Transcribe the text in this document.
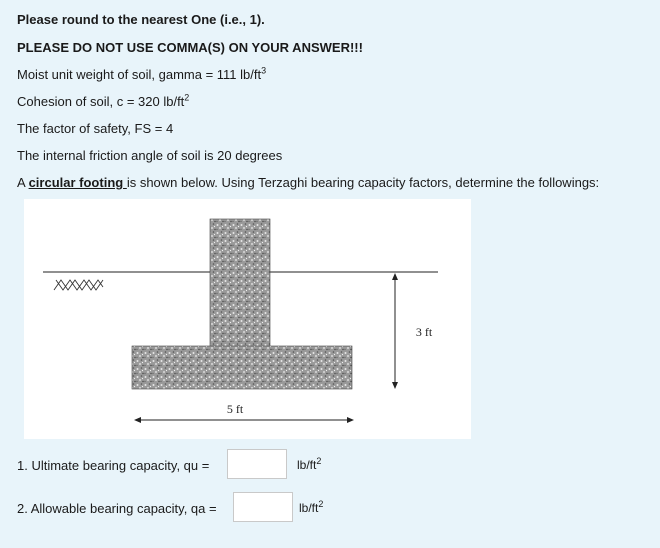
Please round to the nearest One (i.e., 1).
PLEASE DO NOT USE COMMA(S) ON YOUR ANSWER!!!
Moist unit weight of soil, gamma = 111 $lb/ft^3$
Cohesion of soil, c = 320 $lb/ft^2$
The factor of safety, FS = 4
The internal friction angle of soil is 20 degrees
A circular footing is shown below. Using Terzaghi bearing capacity factors, determine the followings:
3 ft
5 ft
1. Ultimate bearing capacity, qu =	$lb/ft^2$
2. Allowable bearing capacity, qa =	$lb/ft^2$
